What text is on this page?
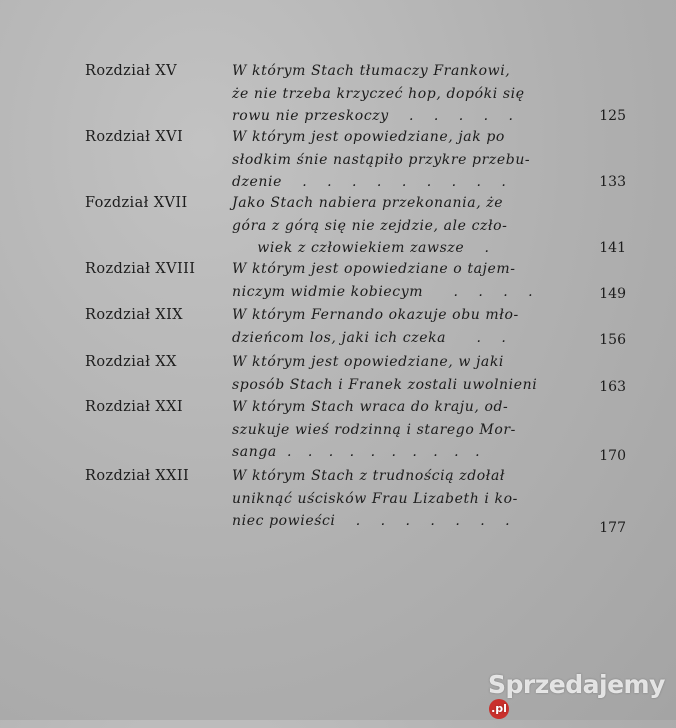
Rozdział XV	W którym Stach tłumaczy Frankowi,
że nie trzeba krzyczeć hop, dopóki się
rowu nie przeskoczy . . . . .	125
Rozdział XVI	W którym jest opowiedziane, jak po
słodkim śnie nastąpiło przykre przebu-
dzenie . . . . . . . . .	133
Fozdział XVII	Jako Stach nabiera przekonania, że
góra z górą się nie zejdzie, ale czło-
wiek z człowiekiem zawsze .	141
Rozdział XVIII	W którym jest opowiedziane o tajem-
niczym widmie kobiecym . . . .	149
Rozdział XIX	W którym Fernando okazuje obu mło-
dzieńcom los, jaki ich czeka . .	156
Rozdział XX	W którym jest opowiedziane, w jaki
sposób Stach i Franek zostali uwolnieni	163
Rozdział XXI	W którym Stach wraca do kraju, od-
szukuje wieś rodzinną i starego Mor-
sanga . . . . . . . . . .	170
Rozdział XXII	W którym Stach z trudnością zdołał
uniknąć uścisków Frau Lizabeth i ko-
niec powieści . . . . . . .	177
Sprzedajemy.pl
